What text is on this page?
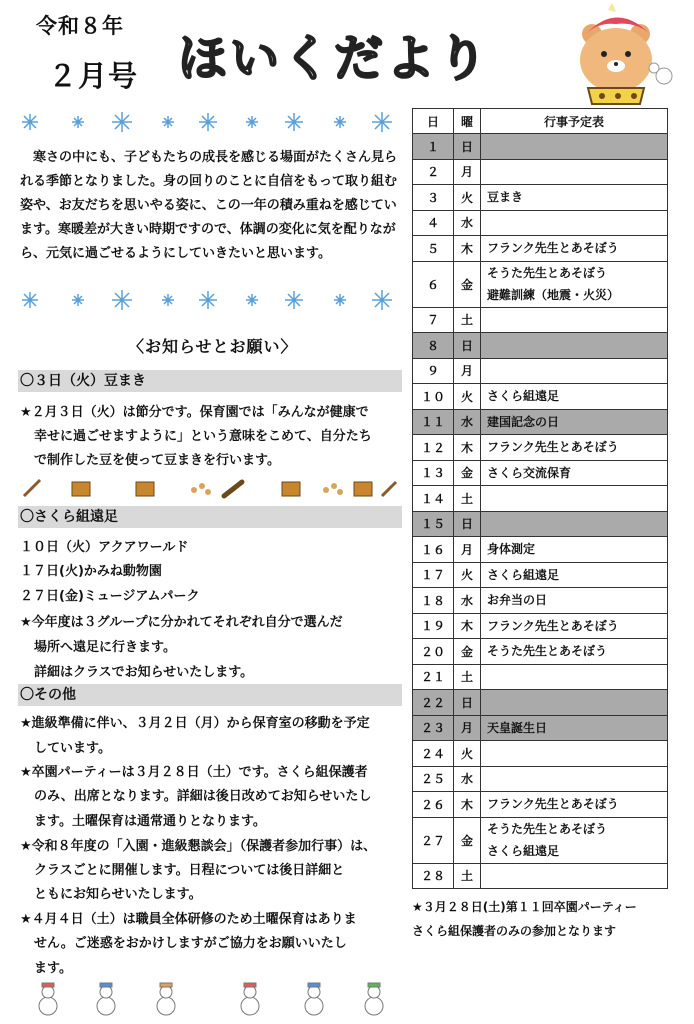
令和８年
２月号 ほいくだより
寒さの中にも、子どもたちの成長を感じる場面がたくさん見られる季節となりました。身の回りのことに自信をもって取り組む姿や、お友だちを思いやる姿に、この一年の積み重ねを感じています。寒暖差が大きい時期ですので、体調の変化に気を配りながら、元気に過ごせるようにしていきたいと思います。
〈お知らせとお願い〉
〇３日（火）豆まき
★２月３日（火）は節分です。保育園では「みんなが健康で
幸せに過ごせますように」という意味をこめて、自分たち
で制作した豆を使って豆まきを行います。
〇さくら組遠足
１０日（火）アクアワールド
１７日(火)かみね動物園
２７日(金)ミュージアムパーク
★今年度は３グループに分かれてそれぞれ自分で選んだ
場所へ遠足に行きます。
詳細はクラスでお知らせいたします。
〇その他
★進級準備に伴い、３月２日（月）から保育室の移動を予定
しています。
★卒園パーティーは３月２８日（土）です。さくら組保護者
のみ、出席となります。詳細は後日改めてお知らせいたし
ます。土曜保育は通常通りとなります。
★令和８年度の「入園・進級懇談会」（保護者参加行事）は、
クラスごとに開催します。日程については後日詳細と
ともにお知らせいたします。
★４月４日（土）は職員全体研修のため土曜保育はありま
せん。ご迷惑をおかけしますがご協力をお願いいたし
ます。
日	曜	行事予定表
１	日	

２	月	

３	火	豆まき

４	水	

５	木	フランク先生とあそぼう

６	金	そうた先生とあそぼう
避難訓練（地震・火災）

７	土	

８	日	

９	月	

１０	火	さくら組遠足

１１	水	建国記念の日

１２	木	フランク先生とあそぼう

１３	金	さくら交流保育

１４	土	

１５	日	

１６	月	身体測定

１７	火	さくら組遠足

１８	水	お弁当の日

１９	木	フランク先生とあそぼう

２０	金	そうた先生とあそぼう

２１	土	

２２	日	

２３	月	天皇誕生日

２４	火	

２５	水	

２６	木	フランク先生とあそぼう

２７	金	そうた先生とあそぼう
さくら組遠足

２８	土	
★３月２８日(土)第１１回卒園パーティー
さくら組保護者のみの参加となります
